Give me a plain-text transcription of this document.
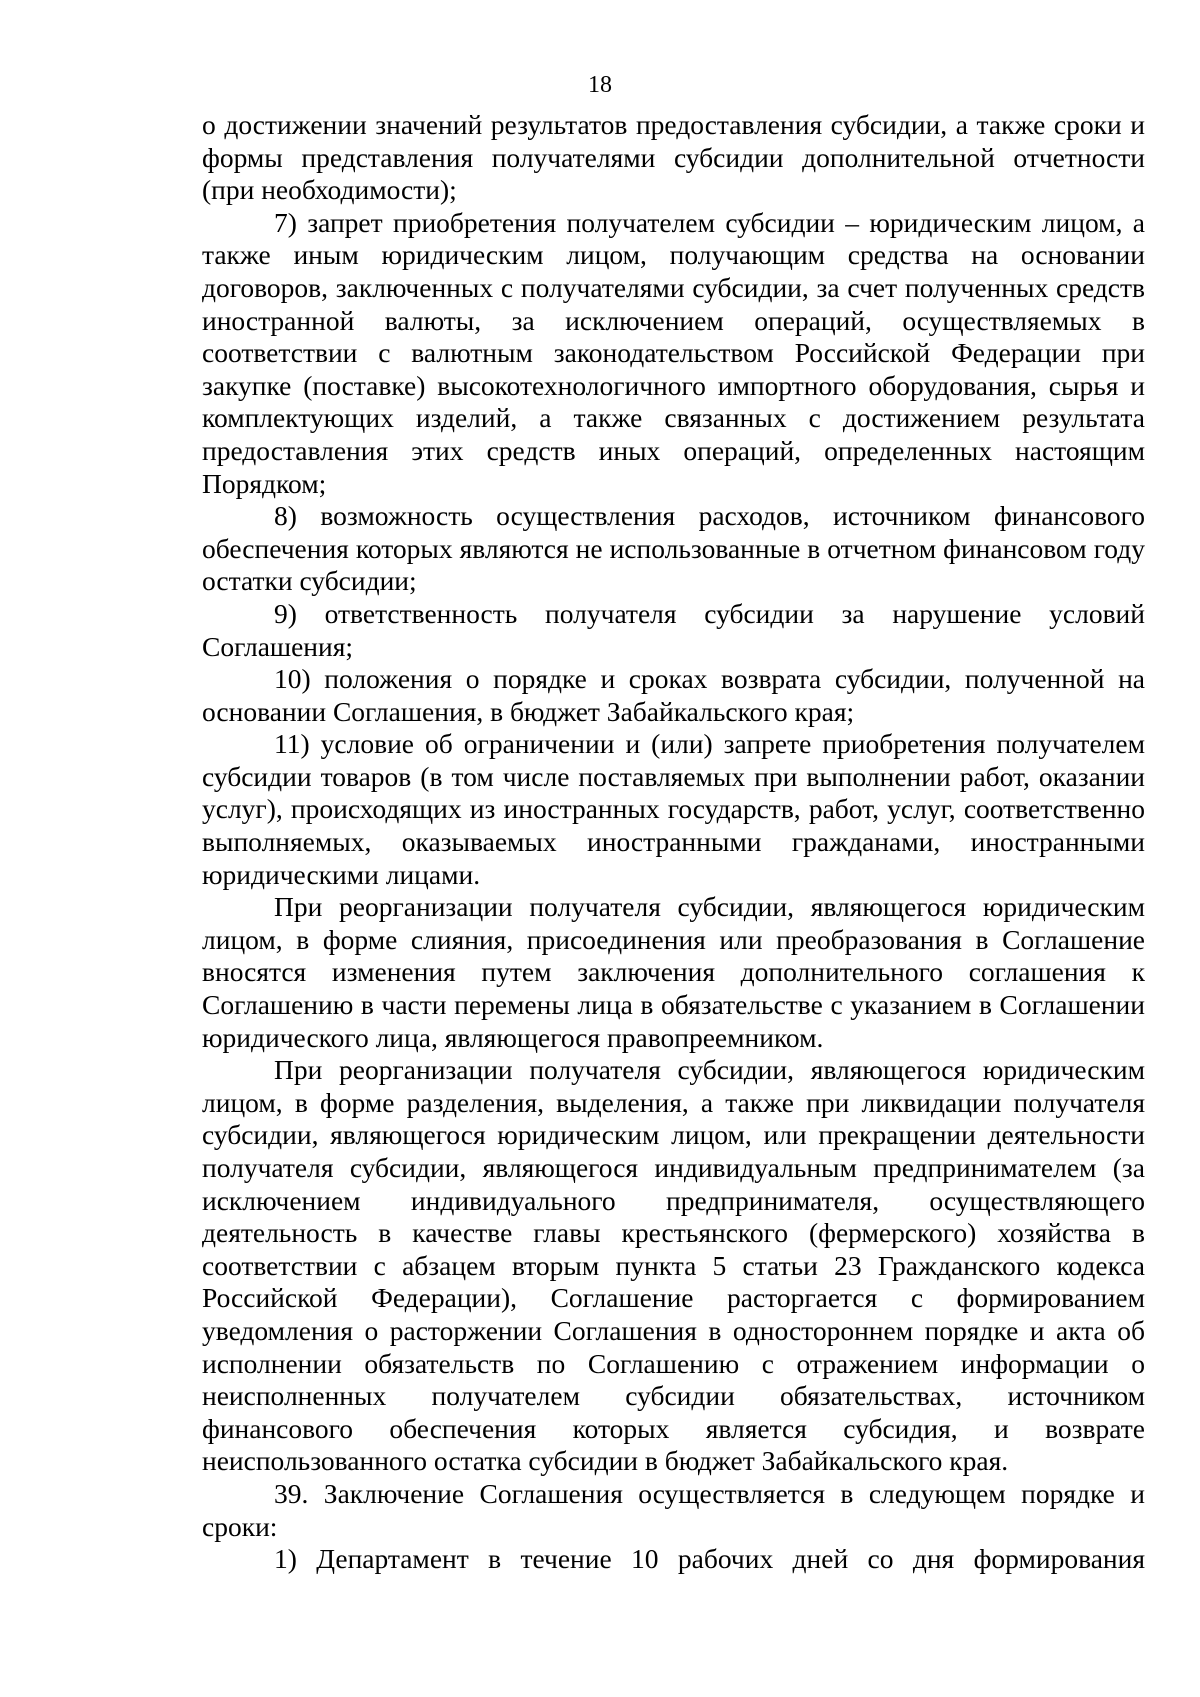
18

о достижении значений результатов предоставления субсидии, а также сроки и формы представления получателями субсидии дополнительной отчетности (при необходимости);

7) запрет приобретения получателем субсидии – юридическим лицом, а также иным юридическим лицом, получающим средства на основании договоров, заключенных с получателями субсидии, за счет полученных средств иностранной валюты, за исключением операций, осуществляемых в соответствии с валютным законодательством Российской Федерации при закупке (поставке) высокотехнологичного импортного оборудования, сырья и комплектующих изделий, а также связанных с достижением результата предоставления этих средств иных операций, определенных настоящим Порядком;

8) возможность осуществления расходов, источником финансового обеспечения которых являются не использованные в отчетном финансовом году остатки субсидии;

9) ответственность получателя субсидии за нарушение условий Соглашения;

10) положения о порядке и сроках возврата субсидии, полученной на основании Соглашения, в бюджет Забайкальского края;

11) условие об ограничении и (или) запрете приобретения получателем субсидии товаров (в том числе поставляемых при выполнении работ, оказании услуг), происходящих из иностранных государств, работ, услуг, соответственно выполняемых, оказываемых иностранными гражданами, иностранными юридическими лицами.

При реорганизации получателя субсидии, являющегося юридическим лицом, в форме слияния, присоединения или преобразования в Соглашение вносятся изменения путем заключения дополнительного соглашения к Соглашению в части перемены лица в обязательстве с указанием в Соглашении юридического лица, являющегося правопреемником.

При реорганизации получателя субсидии, являющегося юридическим лицом, в форме разделения, выделения, а также при ликвидации получателя субсидии, являющегося юридическим лицом, или прекращении деятельности получателя субсидии, являющегося индивидуальным предпринимателем (за исключением индивидуального предпринимателя, осуществляющего деятельность в качестве главы крестьянского (фермерского) хозяйства в соответствии с абзацем вторым пункта 5 статьи 23 Гражданского кодекса Российской Федерации), Соглашение расторгается с формированием уведомления о расторжении Соглашения в одностороннем порядке и акта об исполнении обязательств по Соглашению с отражением информации о неисполненных получателем субсидии обязательствах, источником финансового обеспечения которых является субсидия, и возврате неиспользованного остатка субсидии в бюджет Забайкальского края.

39. Заключение Соглашения осуществляется в следующем порядке и сроки:

1) Департамент в течение 10 рабочих дней со дня формирования
